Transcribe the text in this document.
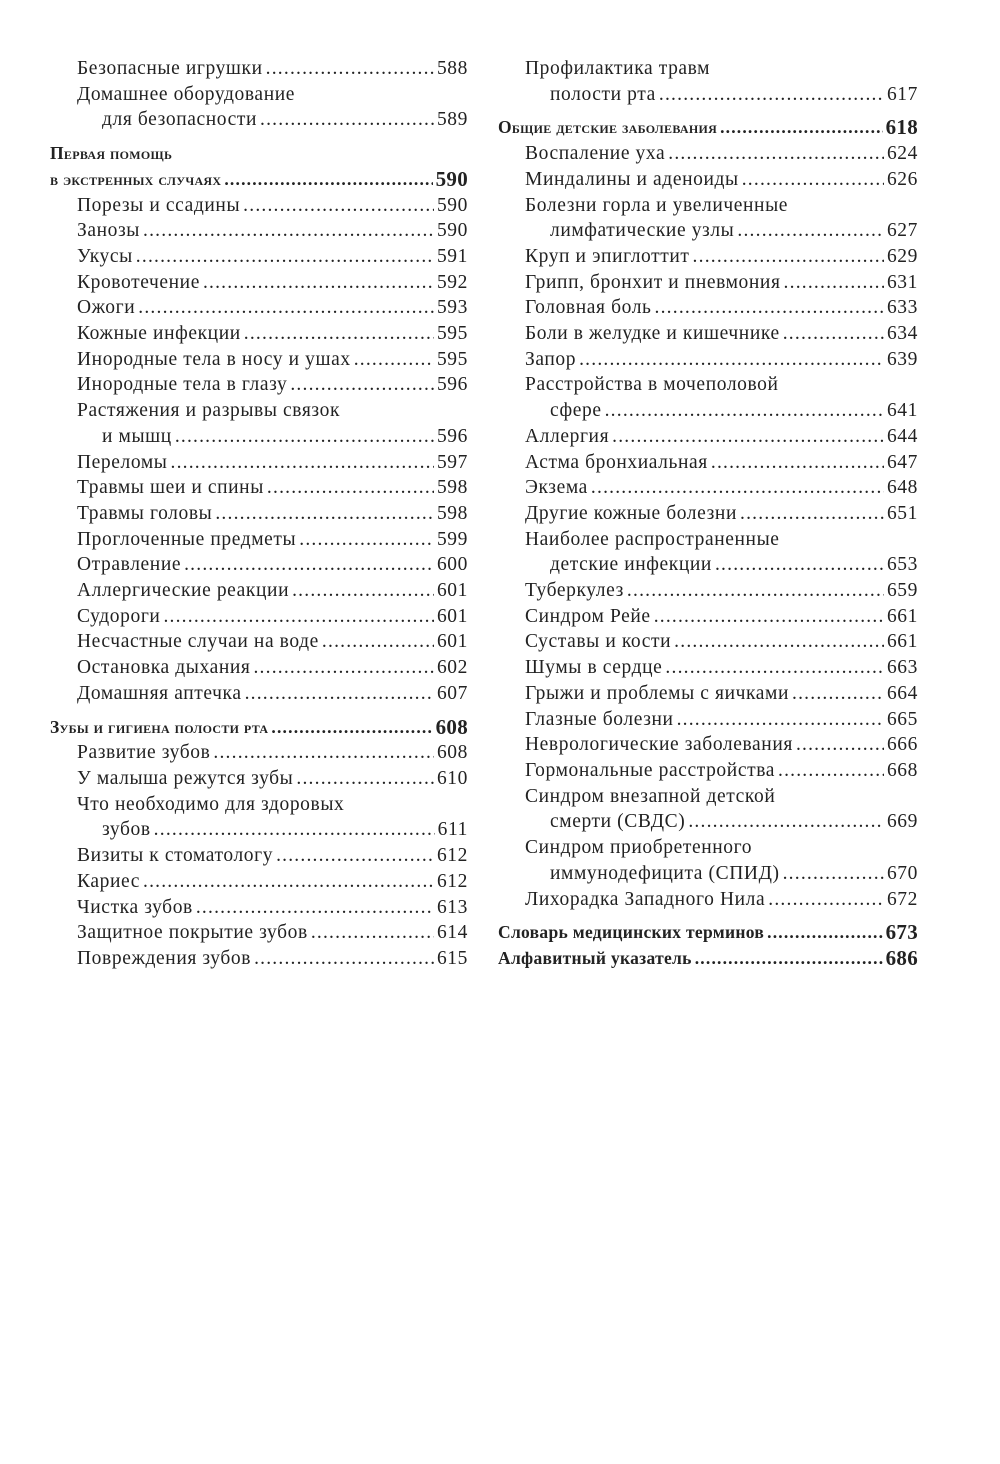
Безопасные игрушки .....	588
Домашнее оборудование
для безопасности .....	589
Первая помощь
в экстренных случаях .....	590
Порезы и ссадины .....	590
Занозы .....	590
Укусы .....	591
Кровотечение .....	592
Ожоги .....	593
Кожные инфекции .....	595
Инородные тела в носу и ушах .....	595
Инородные тела в глазу .....	596
Растяжения и разрывы связок
и мышц .....	596
Переломы .....	597
Травмы шеи и спины .....	598
Травмы головы .....	598
Проглоченные предметы .....	599
Отравление .....	600
Аллергические реакции .....	601
Судороги .....	601
Несчастные случаи на воде .....	601
Остановка дыхания .....	602
Домашняя аптечка .....	607
Зубы и гигиена полости рта .....	608
Развитие зубов .....	608
У малыша режутся зубы .....	610
Что необходимо для здоровых
зубов .....	611
Визиты к стоматологу .....	612
Кариес .....	612
Чистка зубов .....	613
Защитное покрытие зубов .....	614
Повреждения зубов .....	615
Профилактика травм
полости рта .....	617
Общие детские заболевания .....	618
Воспаление уха .....	624
Миндалины и аденоиды .....	626
Болезни горла и увеличенные
лимфатические узлы .....	627
Круп и эпиглоттит .....	629
Грипп, бронхит и пневмония .....	631
Головная боль .....	633
Боли в желудке и кишечнике .....	634
Запор .....	639
Расстройства в мочеполовой
сфере .....	641
Аллергия .....	644
Астма бронхиальная .....	647
Экзема .....	648
Другие кожные болезни .....	651
Наиболее распространенные
детские инфекции .....	653
Туберкулез .....	659
Синдром Рейе .....	661
Суставы и кости .....	661
Шумы в сердце .....	663
Грыжи и проблемы с яичками .....	664
Глазные болезни .....	665
Неврологические заболевания .....	666
Гормональные расстройства .....	668
Синдром внезапной детской
смерти (СВДС) .....	669
Синдром приобретенного
иммунодефицита (СПИД) .....	670
Лихорадка Западного Нила .....	672
Словарь медицинских терминов .....	673
Алфавитный указатель .....	686
